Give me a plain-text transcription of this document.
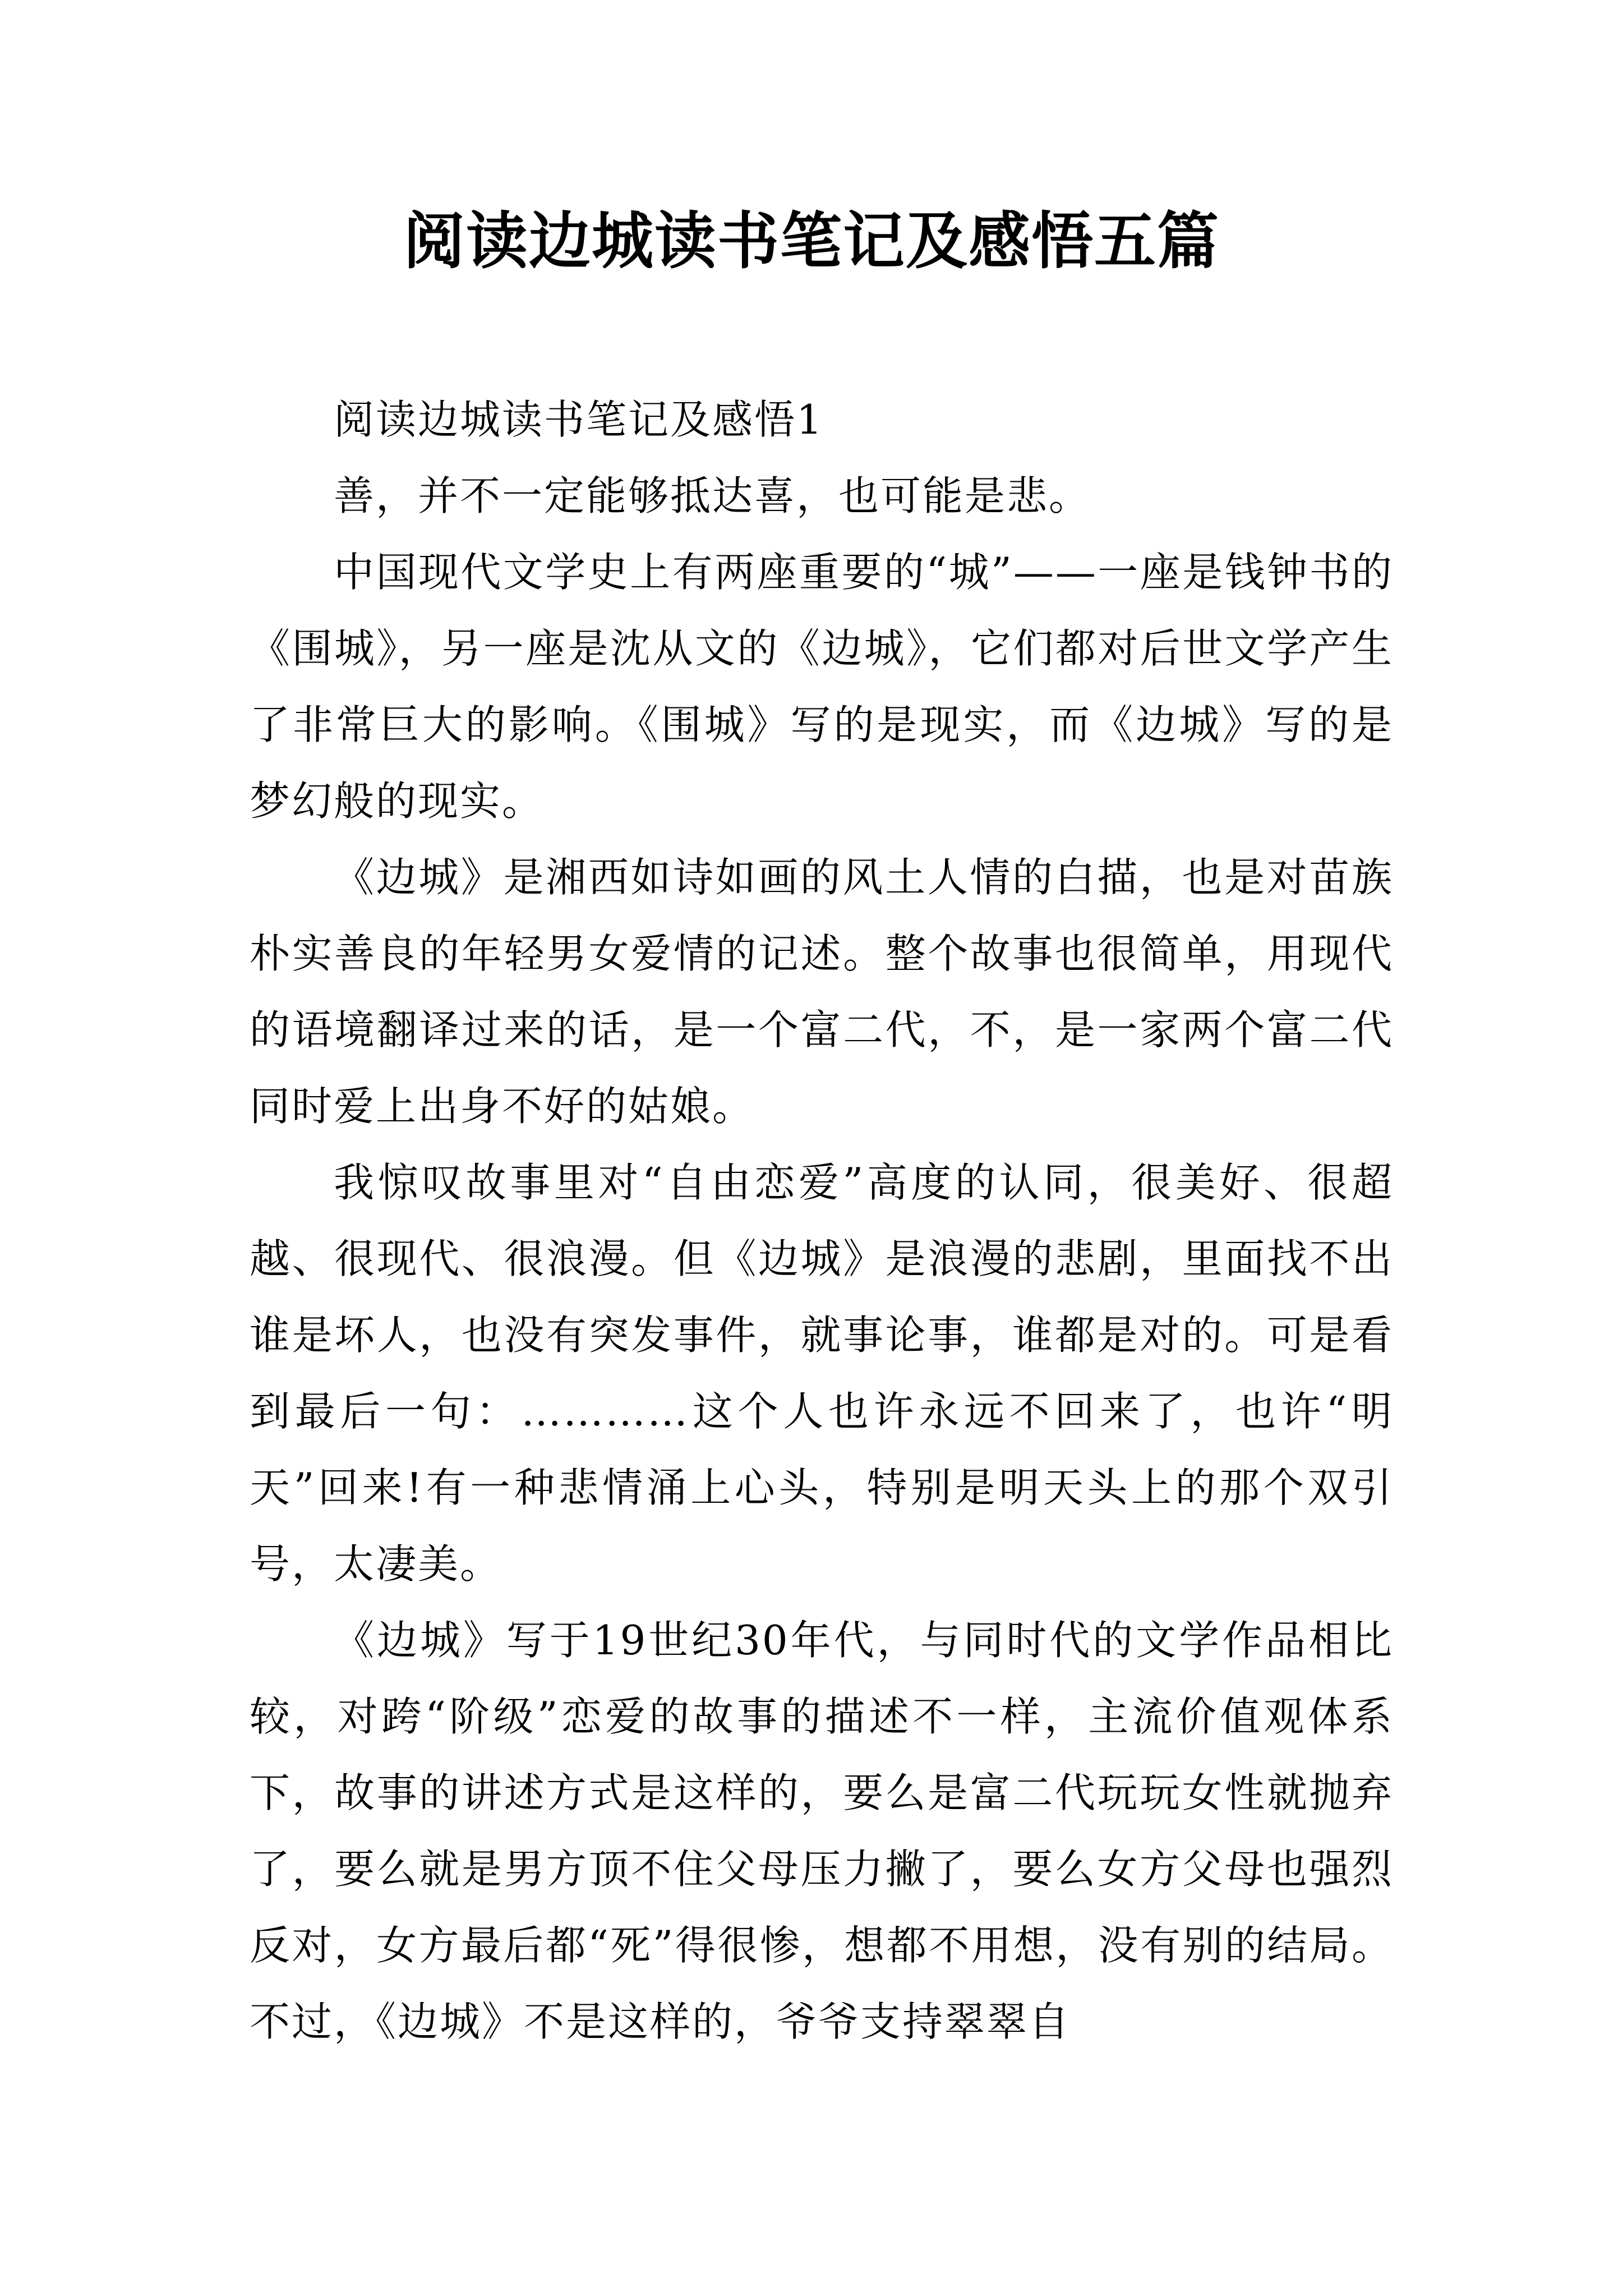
阅读边城读书笔记及感悟五篇

阅读边城读书笔记及感悟1

善，并不一定能够抵达喜，也可能是悲。

中国现代文学史上有两座重要的“城”——一座是钱钟书的《围城》，另一座是沈从文的《边城》，它们都对后世文学产生了非常巨大的影响。《围城》写的是现实，而《边城》写的是梦幻般的现实。

《边城》是湘西如诗如画的风土人情的白描，也是对苗族朴实善良的年轻男女爱情的记述。整个故事也很简单，用现代的语境翻译过来的话，是一个富二代，不，是一家两个富二代同时爱上出身不好的姑娘。

我惊叹故事里对“自由恋爱”高度的认同，很美好、很超越、很现代、很浪漫。但《边城》是浪漫的悲剧，里面找不出谁是坏人，也没有突发事件，就事论事，谁都是对的。可是看到最后一句：…………这个人也许永远不回来了，也许“明天”回来!有一种悲情涌上心头，特别是明天头上的那个双引号，太凄美。

《边城》写于19世纪30年代，与同时代的文学作品相比较，对跨“阶级”恋爱的故事的描述不一样，主流价值观体系下，故事的讲述方式是这样的，要么是富二代玩玩女性就抛弃了，要么就是男方顶不住父母压力撇了，要么女方父母也强烈反对，女方最后都“死”得很惨，想都不用想，没有别的结局。不过，《边城》不是这样的，爷爷支持翠翠自
